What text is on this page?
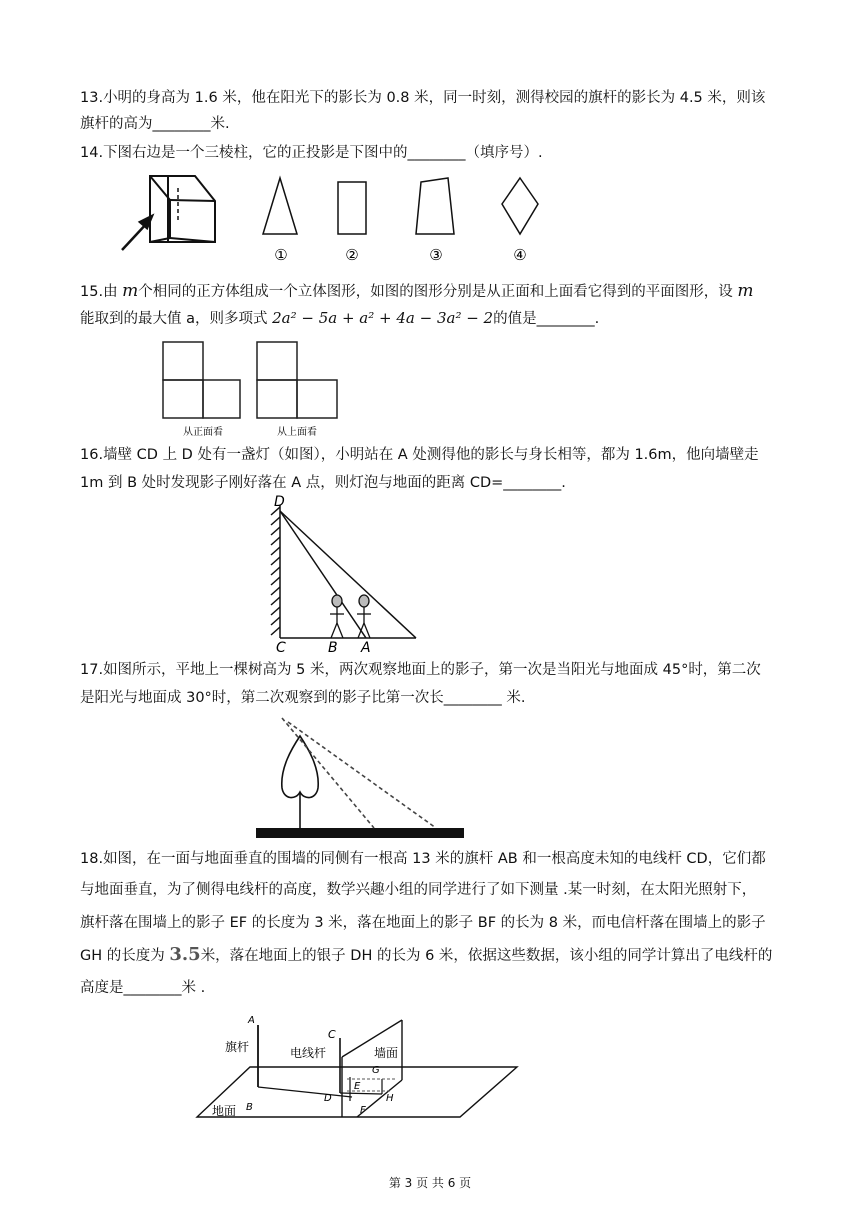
13.小明的身高为 1.6 米，他在阳光下的影长为 0.8 米，同一时刻，测得校园的旗杆的影长为 4.5 米，则该

旗杆的高为________米.

14.下图右边是一个三棱柱，它的正投影是下图中的________（填序号）.

①	②	③	④

15.由 m个相同的正方体组成一个立体图形，如图的图形分别是从正面和上面看它得到的平面图形，设 m

能取到的最大值 a，则多项式 2a² − 5a + a² + 4a − 3a² − 2的值是________.

从正面看	从上面看

16.墙壁 CD 上 D 处有一盏灯（如图），小明站在 A 处测得他的影长与身长相等，都为 1.6m，他向墙壁走

1m 到 B 处时发现影子刚好落在 A 点，则灯泡与地面的距离 CD=________.

D
C	B A

17.如图所示，平地上一棵树高为 5 米，两次观察地面上的影子，第一次是当阳光与地面成 45°时，第二次

是阳光与地面成 30°时，第二次观察到的影子比第一次长________ 米.

18.如图，在一面与地面垂直的围墙的同侧有一根高 13 米的旗杆 AB 和一根高度未知的电线杆 CD，它们都

与地面垂直，为了侧得电线杆的高度，数学兴趣小组的同学进行了如下测量 .某一时刻，在太阳光照射下，

旗杆落在围墙上的影子 EF 的长度为 3 米，落在地面上的影子 BF 的长为 8 米，而电信杆落在围墙上的影子

GH 的长度为 3.5米，落在地面上的银子 DH 的长为 6 米，依据这些数据，该小组的同学计算出了电线杆的

高度是________米 .

旗杆	电线杆	墙面
地面
A
B
C
D
E
F
G
H
第 3 页 共 6 页
